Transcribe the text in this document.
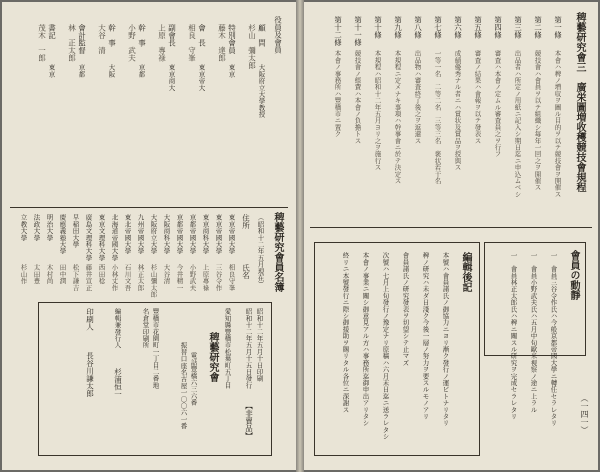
役員及會員
顧　問
大阪府立大學教授
杉山　彌太郎
特別會員
東京
藤木　達郎
會　長
東京帝大
相良　守峯
副會長
東京商大
上原　專祿
幹　事
京都
小野　武夫
幹　事
大阪
大谷　清
會計監督
京都
林　正太郎
書記
東京
茂木　一郎
稗藝研究會員名簿
（昭和十二年五月現在）
住所
氏名
東京帝國大學
相良守峯
東京帝國大學
三谷令作
東京商科大學
上原專祿
京都帝國大學
小野武夫
京都帝國大學
今井精一
大阪商科大學
大谷清
大阪府立大學
杉山彌太郎
九州帝國大學
林正太郎
東北帝國大學
石川文吾
北海道帝國大學
小林丈作
東京文理科大學
西田稔
廣島文理科大學
藤井宣正
早稲田大學
松下謙吉
慶應義塾大學
田中潤
明治大學
木村尚
法政大學
太田豊
立教大學
杉山作
昭和十二年五月十日印刷
昭和十二年五月十五日發行
【非賣品】
愛知縣豐橋市松葉町五丁目
稗藝研究會
電話豐橋六三六番
振替口座名古屋一〇〇六一番
豐橋市花園町一丁目二番地
名倉堂印刷所
編輯兼發行人
杉浦恒一
印刷人
長谷川謙太郎
稗藝研究會三　廣栄圖増收穫競技會規程
第一條
本會ハ稗ノ増収ヲ圖ル目的ヲ以テ競技會ヲ開催ス
第二條
競技會ハ會員ヲ以テ組織シ毎年一回之ヲ開催ス
第三條
出品者ハ所定ノ用紙ニ記入シ期日迄ニ申込ムベシ
第四條
審査ハ本會ノ定ムル審査員之ヲ行フ
第五條
審査ノ結果ハ會報ヲ以テ發表ス
第六條
成績優秀ナル者ニハ賞状及賞品ヲ授與ス
第七條
一等一名　二等二名　三等三名　褒状若干名
第八條
出品物ハ審査終了後之ヲ返還ス
第九條
本規程ニ定メナキ事項ハ幹事會ニ於テ決定ス
第十條
本規程ハ昭和十二年五月ヨリ之ヲ施行ス
第十一條
競技會ノ經費ハ本會ノ負擔トス
第十二條
本會ノ事務所ハ豐橋市ニ置ク
會員の動靜
一　會員三谷令作氏ハ今般京都帝國大學ニ轉任セラレタリ
一　會員小野武夫氏ハ五月中旬歐米視察ノ途ニ上ラル
一　會員林正太郎氏ハ稗ニ關スル研究ヲ完成セラレタリ
編輯後記
本號ハ會員諸氏ノ御協力ニヨリ漸ク發行ノ運ビトナリタリ
稗ノ研究ハ未ダ日淺ク今後一層ノ努力ヲ要スルモノアリ
會員諸氏ノ研究發表ヲ切望シテ止マズ
次號ハ七月上旬發行ノ豫定ナリ原稿ハ六月末日迄ニ送ラレタシ
本會ノ事業ニ關シ御意見アル方ハ事務所迄御申出アリタシ
終リニ本號發行ニ際シ御援助ヲ賜リタル各位ニ深謝ス
（一四一）
